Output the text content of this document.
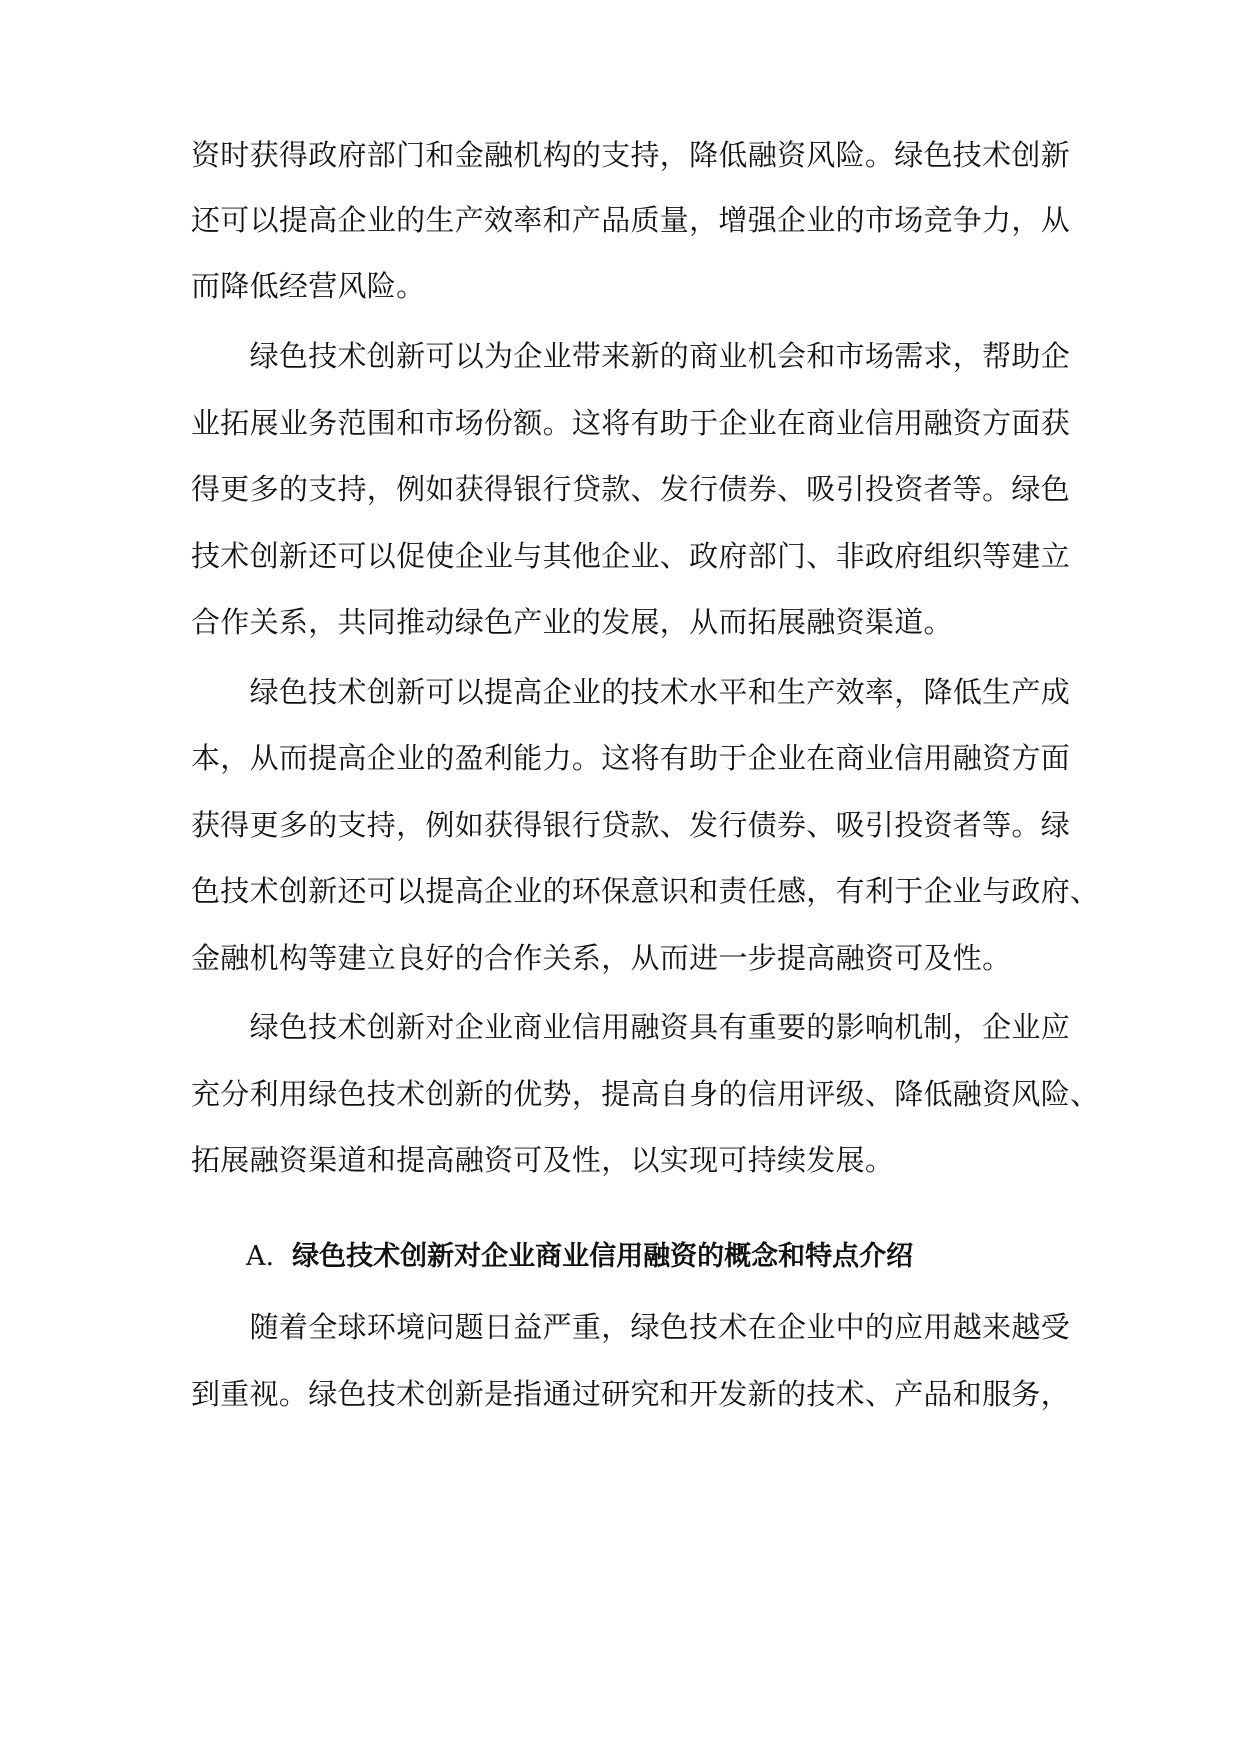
资时获得政府部门和金融机构的支持，降低融资风险。绿色技术创新
还可以提高企业的生产效率和产品质量，增强企业的市场竞争力，从
而降低经营风险。
　　绿色技术创新可以为企业带来新的商业机会和市场需求，帮助企
业拓展业务范围和市场份额。这将有助于企业在商业信用融资方面获
得更多的支持，例如获得银行贷款、发行债券、吸引投资者等。绿色
技术创新还可以促使企业与其他企业、政府部门、非政府组织等建立
合作关系，共同推动绿色产业的发展，从而拓展融资渠道。
　　绿色技术创新可以提高企业的技术水平和生产效率，降低生产成
本，从而提高企业的盈利能力。这将有助于企业在商业信用融资方面
获得更多的支持，例如获得银行贷款、发行债券、吸引投资者等。绿
色技术创新还可以提高企业的环保意识和责任感，有利于企业与政府、
金融机构等建立良好的合作关系，从而进一步提高融资可及性。
　　绿色技术创新对企业商业信用融资具有重要的影响机制，企业应
充分利用绿色技术创新的优势，提高自身的信用评级、降低融资风险、
拓展融资渠道和提高融资可及性，以实现可持续发展。
A. 绿色技术创新对企业商业信用融资的概念和特点介绍
　　随着全球环境问题日益严重，绿色技术在企业中的应用越来越受
到重视。绿色技术创新是指通过研究和开发新的技术、产品和服务，
